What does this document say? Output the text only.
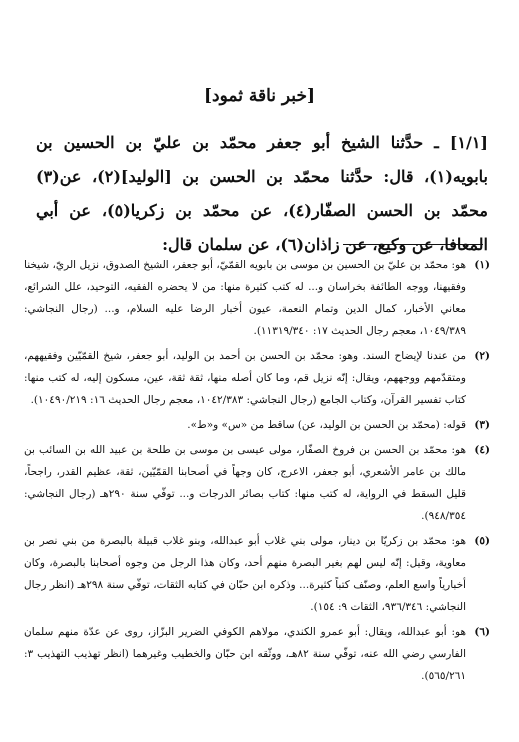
[خبر ناقة ثمود]

[١/١] ـ حدَّثنا الشيخ أبو جعفر محمّد بن عليّ بن الحسين بن بابويه(١)، قال: حدَّثنا محمّد بن الحسن بن [الوليد](٢)، عن(٣) محمّد بن الحسن الصفّار(٤)، عن محمّد بن زكريا(٥)، عن أبي المعافا، عن وكيع، عن زاذان(٦)، عن سلمان قال:

(١)
هو: محمّد بن عليّ بن الحسين بن موسى بن بابويه القمّيّ، أبو جعفر، الشيخ الصدوق، نزيل الريّ، شيخنا وفقيهنا، ووجه الطائفة بخراسان و... له كتب كثيرة منها: من لا يحضره الفقيه، التوحيد، علل الشرائع، معاني الأخبار، كمال الدين وتمام النعمة، عيون أخبار الرضا عليه السلام، و... (رجال النجاشي: ١٠٤٩/٣٨٩، معجم رجال الحديث ١٧: ١١٣١٩/٣٤٠).
(٢)
من عندنا لإيضاح السند. وهو: محمّد بن الحسن بن أحمد بن الوليد، أبو جعفر، شيخ القمّيّين وفقيههم، ومتقدّمهم ووجههم، ويقال: إنّه نزيل قم، وما كان أصله منها، ثقة ثقة، عين، مسكون إليه، له كتب منها: كتاب تفسير القرآن، وكتاب الجامع (رجال النجاشي: ١٠٤٢/٣٨٣، معجم رجال الحديث ١٦: ١٠٤٩٠/٢١٩).
(٣)
قوله: (محمّد بن الحسن بن الوليد، عن) ساقط من «س» و«ط».
(٤)
هو: محمّد بن الحسن بن فروخ الصفّار، مولى عيسى بن موسى بن طلحة بن عبيد الله بن السائب بن مالك بن عامر الأشعري، أبو جعفر، الاعرج، كان وجهاً في أصحابنا القمّيّين، ثقة، عظيم القدر، راجحاً، قليل السقط في الرواية، له كتب منها: كتاب بصائر الدرجات و... توفّي سنة ٢٩٠هـ (رجال النجاشي: ٩٤٨/٣٥٤).
(٥)
هو: محمّد بن زكريّا بن دينار، مولى بني غلاب أبو عبدالله، وبنو غلاب قبيلة بالبصرة من بني نصر بن معاوية، وقيل: إنّه ليس لهم بغير البصرة منهم أحد، وكان هذا الرجل من وجوه أصحابنا بالبصرة، وكان أخبارياً واسع العلم، وصنّف كتباً كثيرة... وذكره ابن حبّان في كتابه الثقات، توفّي سنة ٢٩٨هـ (انظر رجال النجاشي: ٩٣٦/٣٤٦، الثقات ٩: ١٥٤).
(٦)
هو: أبو عبدالله، ويقال: أبو عمرو الكندي، مولاهم الكوفي الضرير البزّاز، روى عن عدّة منهم سلمان الفارسي رضي الله عنه، توفّي سنة ٨٢هـ، ووثّقه ابن حبّان والخطيب وغيرهما (انظر تهذيب التهذيب ٣: ٥٦٥/٢٦١).
